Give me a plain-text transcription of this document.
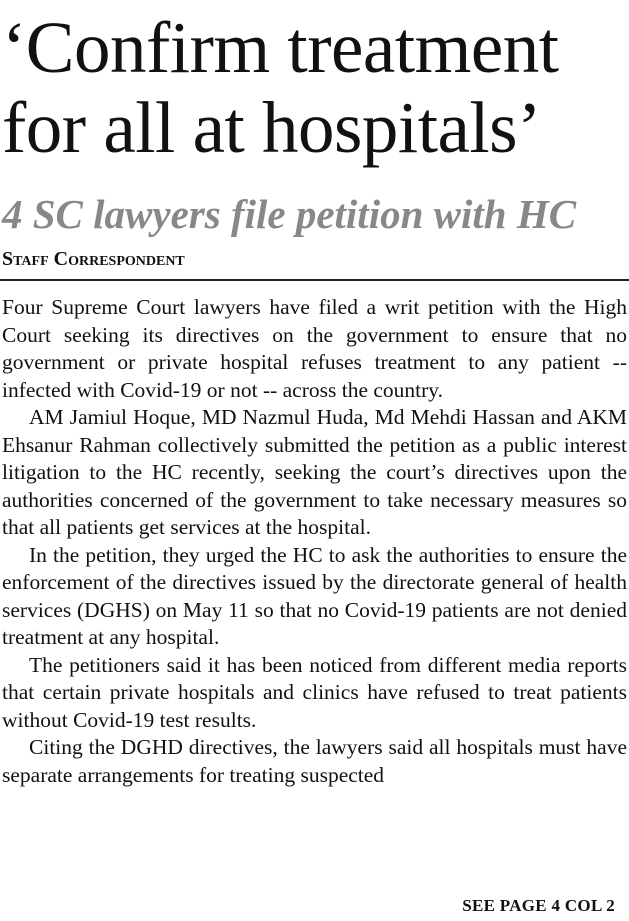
‘Confirm treatment for all at hospitals’
4 SC lawyers file petition with HC
Staff Correspondent

Four Supreme Court lawyers have filed a writ petition with the High Court seeking its directives on the government to ensure that no government or private hospital refuses treatment to any patient -- infected with Covid-19 or not -- across the country.

AM Jamiul Hoque, MD Nazmul Huda, Md Mehdi Hassan and AKM Ehsanur Rahman collectively submitted the petition as a public interest litigation to the HC recently, seeking the court’s directives upon the authorities concerned of the government to take necessary measures so that all patients get services at the hospital.

In the petition, they urged the HC to ask the authorities to ensure the enforcement of the directives issued by the directorate general of health services (DGHS) on May 11 so that no Covid-19 patients are not denied treatment at any hospital.

The petitioners said it has been noticed from different media reports that certain private hospitals and clinics have refused to treat patients without Covid-19 test results.

Citing the DGHD directives, the lawyers said all hospitals must have separate arrangements for treating suspected

SEE PAGE 4 COL 2
